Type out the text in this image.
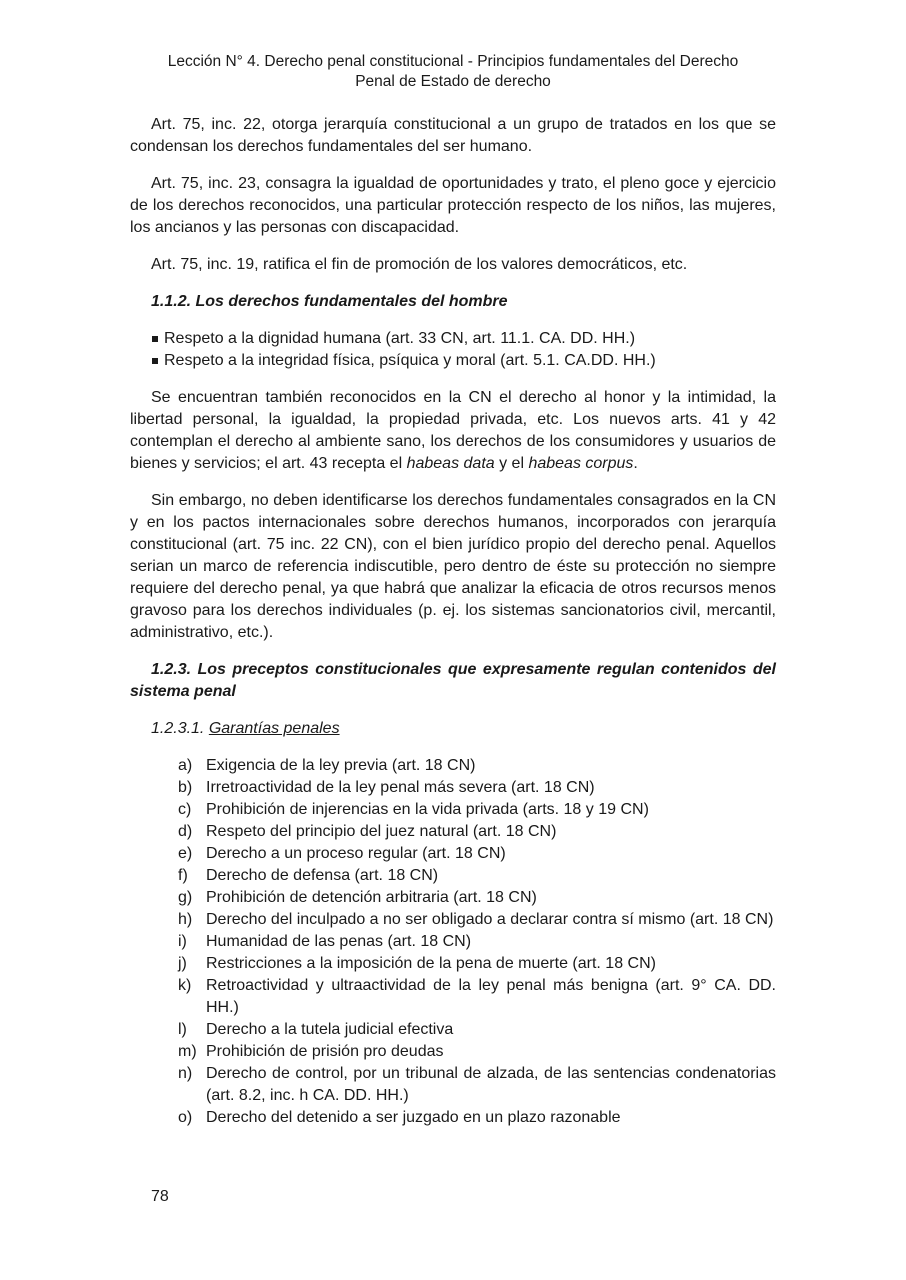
Lección N° 4. Derecho penal constitucional - Principios fundamentales del Derecho
Penal de Estado de derecho

Art. 75, inc. 22, otorga jerarquía constitucional a un grupo de tratados en los que se condensan los derechos fundamentales del ser humano.

Art. 75, inc. 23, consagra la igualdad de oportunidades y trato, el pleno goce y ejercicio de los derechos reconocidos, una particular protección respecto de los niños, las mujeres, los ancianos y las personas con discapacidad.

Art. 75, inc. 19, ratifica el fin de promoción de los valores democráticos, etc.

1.1.2. Los derechos fundamentales del hombre

Respeto a la dignidad humana (art. 33 CN, art. 11.1. CA. DD. HH.)
Respeto a la integridad física, psíquica y moral (art. 5.1. CA.DD. HH.)

Se encuentran también reconocidos en la CN el derecho al honor y la intimidad, la libertad personal, la igualdad, la propiedad privada, etc. Los nuevos arts. 41 y 42 contemplan el derecho al ambiente sano, los derechos de los consumidores y usuarios de bienes y servicios; el art. 43 recepta el habeas data y el habeas corpus.

Sin embargo, no deben identificarse los derechos fundamentales consagrados en la CN y en los pactos internacionales sobre derechos humanos, incorporados con jerarquía constitucional (art. 75 inc. 22 CN), con el bien jurídico propio del derecho penal. Aquellos serian un marco de referencia indiscutible, pero dentro de éste su protección no siempre requiere del derecho penal, ya que habrá que analizar la eficacia de otros recursos menos gravoso para los derechos individuales (p. ej. los sistemas sancionatorios civil, mercantil, administrativo, etc.).

1.2.3. Los preceptos constitucionales que expresamente regulan contenidos del sistema penal

1.2.3.1. Garantías penales

a) Exigencia de la ley previa (art. 18 CN)
b) Irretroactividad de la ley penal más severa (art. 18 CN)
c) Prohibición de injerencias en la vida privada (arts. 18 y 19 CN)
d) Respeto del principio del juez natural (art. 18 CN)
e) Derecho a un proceso regular (art. 18 CN)
f) Derecho de defensa (art. 18 CN)
g) Prohibición de detención arbitraria (art. 18 CN)
h) Derecho del inculpado a no ser obligado a declarar contra sí mismo (art. 18 CN)
i) Humanidad de las penas (art. 18 CN)
j) Restricciones a la imposición de la pena de muerte (art. 18 CN)
k) Retroactividad y ultraactividad de la ley penal más benigna (art. 9° CA. DD. HH.)
l) Derecho a la tutela judicial efectiva
m) Prohibición de prisión pro deudas
n) Derecho de control, por un tribunal de alzada, de las sentencias condenatorias (art. 8.2, inc. h CA. DD. HH.)
o) Derecho del detenido a ser juzgado en un plazo razonable
78
